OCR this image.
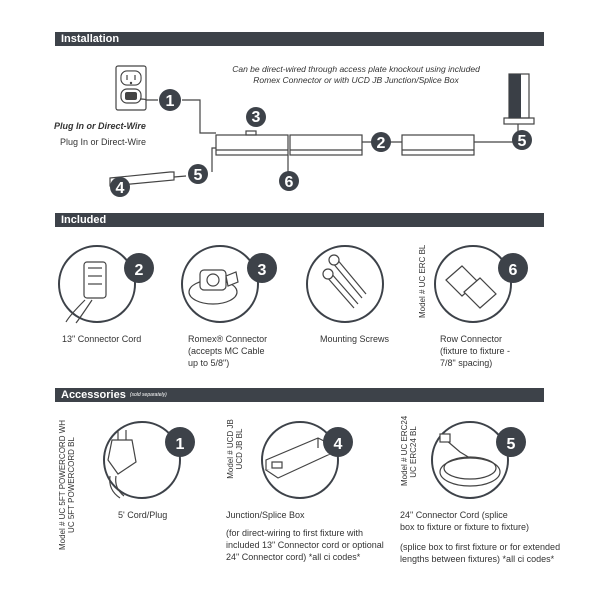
Installation
Included
Accessories (sold separately)
1
3
2	5
6
4
5
2	3	6
1	4	5
Can be direct-wired through access plate knockout using included
Romex Connector or with UCD JB Junction/Splice Box
Plug In or Direct-Wire
Plug In or Direct-Wire
13" Connector Cord	Romex® Connector
(accepts MC Cable
up to 5/8")
Mounting Screws	Row Connector
(fixture to fixture -
7/8" spacing)
Model # UC ERC BL
Model # UC 5FT POWERCORD WH UC 5FT POWERCORD BL	5' Cord/Plug
Model # UCD JB UCD JB BL
Junction/Splice Box
(for direct-wiring to first fixture with
included 13" Connector cord or optional
24" Connector cord) *all ci codes*
Model # UC ERC24 UC ERC24 BL
24" Connector Cord (splice
box to fixture or fixture to fixture)
(splice box to first fixture or for extended
lengths between fixtures) *all ci codes*
